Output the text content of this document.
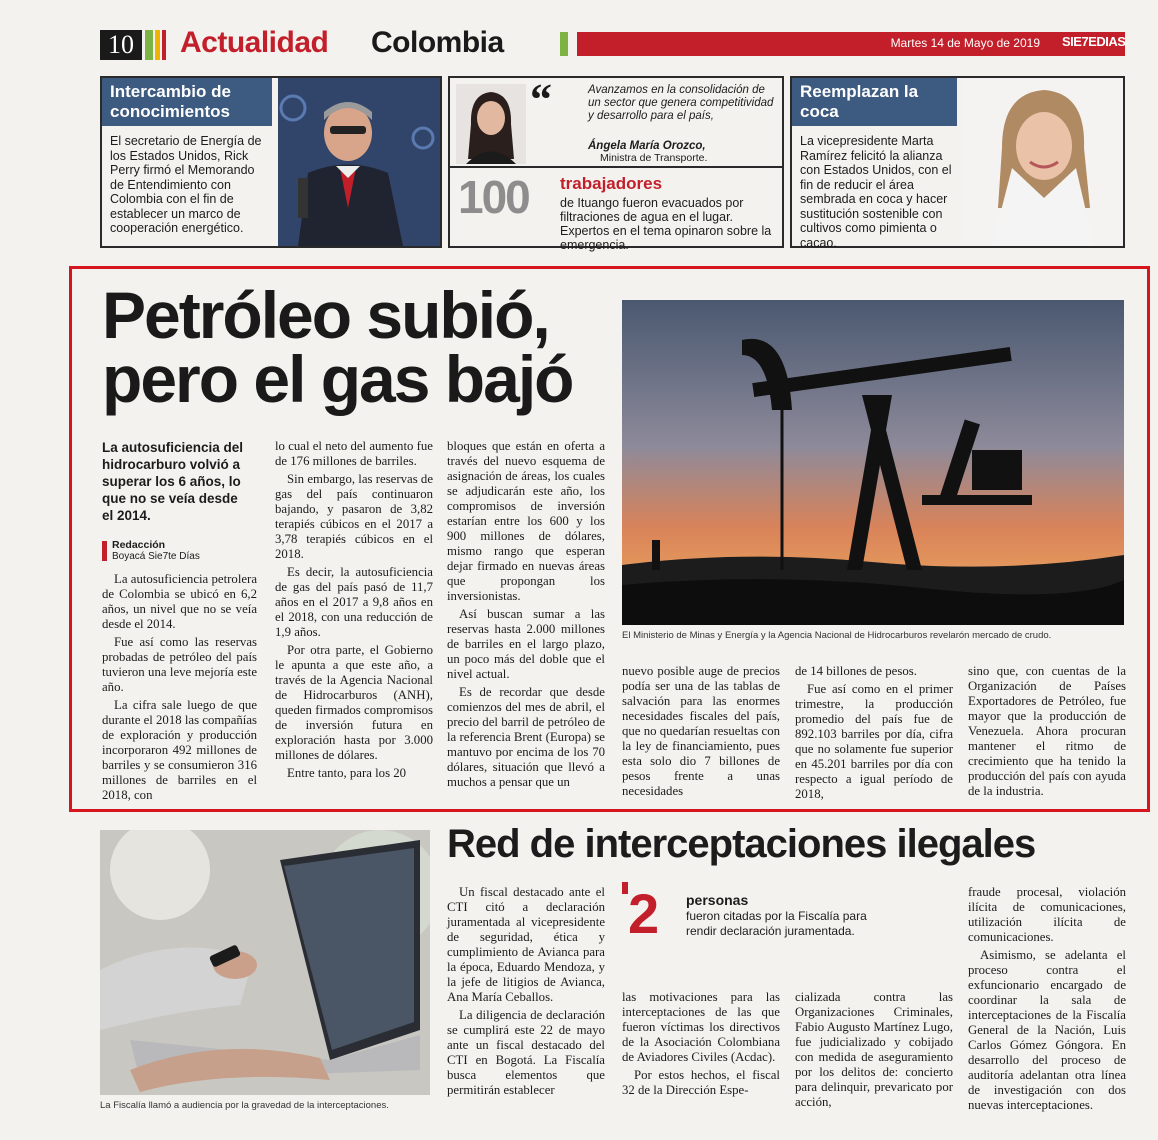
10 Actualidad Colombia	Martes 14 de Mayo de 2019 SIE7EDIAS
Intercambio de conocimientos
El secretario de Energía de los Estados Unidos, Rick Perry firmó el Memorando de Entendimiento con Colombia con el fin de establecer un marco de cooperación energético.
“	Avanzamos en la consolidación de un sector que genera competitividad y desarrollo para el país,
Ángela María Orozco,
Ministra de Transporte.
100 trabajadores
de Ituango fueron evacuados por filtraciones de agua en el lugar. Expertos en el tema opinaron sobre la emergencia.
Reemplazan la coca
La vicepresidente Marta Ramírez felicitó la alianza con Estados Unidos, con el fin de reducir el área sembrada en coca y hacer sustitución sostenible con cultivos como pimienta o cacao.
Petróleo subió,
pero el gas bajó
La autosuficiencia del hidrocarburo volvió a superar los 6 años, lo que no se veía desde el 2014.
Redacción
Boyacá Sie7te Días

La autosuficiencia petrolera de Colombia se ubicó en 6,2 años, un nivel que no se veía desde el 2014.

Fue así como las reservas probadas de petróleo del país tuvieron una leve mejoría este año.

La cifra sale luego de que durante el 2018 las compañías de exploración y producción incorporaron 492 millones de barriles y se consumieron 316 millones de barriles en el 2018, con

lo cual el neto del aumento fue de 176 millones de barriles.

Sin embargo, las reservas de gas del país continuaron bajando, y pasaron de 3,82 terapiés cúbicos en el 2017 a 3,78 terapiés cúbicos en el 2018.

Es decir, la autosuficiencia de gas del país pasó de 11,7 años en el 2017 a 9,8 años en el 2018, con una reducción de 1,9 años.

Por otra parte, el Gobierno le apunta a que este año, a través de la Agencia Nacional de Hidrocarburos (ANH), queden firmados compromisos de inversión futura en exploración hasta por 3.000 millones de dólares.

Entre tanto, para los 20

bloques que están en oferta a través del nuevo esquema de asignación de áreas, los cuales se adjudicarán este año, los compromisos de inversión estarían entre los 600 y los 900 millones de dólares, mismo rango que esperan dejar firmado en nuevas áreas que propongan los inversionistas.

Así buscan sumar a las reservas hasta 2.000 millones de barriles en el largo plazo, un poco más del doble que el nivel actual.

Es de recordar que desde comienzos del mes de abril, el precio del barril de petróleo de la referencia Brent (Europa) se mantuvo por encima de los 70 dólares, situación que llevó a muchos a pensar que un

El Ministerio de Minas y Energía y la Agencia Nacional de Hidrocarburos revelarón mercado de crudo.

nuevo posible auge de precios podía ser una de las tablas de salvación para las enormes necesidades fiscales del país, que no quedarían resueltas con la ley de financiamiento, pues esta solo dio 7 billones de pesos frente a unas necesidades

de 14 billones de pesos.

Fue así como en el primer trimestre, la producción promedio del país fue de 892.103 barriles por día, cifra que no solamente fue superior en 45.201 barriles por día con respecto a igual período de 2018,

sino que, con cuentas de la Organización de Países Exportadores de Petróleo, fue mayor que la producción de Venezuela. Ahora procuran mantener el ritmo de crecimiento que ha tenido la producción del país con ayuda de la industria.

Red de interceptaciones ilegales
La Fiscalía llamó a audiencia por la gravedad de la interceptaciones.

Un fiscal destacado ante el CTI citó a declaración juramentada al vicepresidente de seguridad, ética y cumplimiento de Avianca para la época, Eduardo Mendoza, y la jefe de litigios de Avianca, Ana María Ceballos.

La diligencia de declaración se cumplirá este 22 de mayo ante un fiscal destacado del CTI en Bogotá. La Fiscalía busca elementos que permitirán establecer

2 personas
fueron citadas por la Fiscalía para rendir declaración juramentada.

las motivaciones para las interceptaciones de las que fueron víctimas los directivos de la Asociación Colombiana de Aviadores Civiles (Acdac).

Por estos hechos, el fiscal 32 de la Dirección Espe-

cializada contra las Organizaciones Criminales, Fabio Augusto Martínez Lugo, fue judicializado y cobijado con medida de aseguramiento por los delitos de: concierto para delinquir, prevaricato por acción,

fraude procesal, violación ilícita de comunicaciones, utilización ilícita de comunicaciones.

Asimismo, se adelanta el proceso contra el exfuncionario encargado de coordinar la sala de interceptaciones de la Fiscalía General de la Nación, Luis Carlos Gómez Góngora. En desarrollo del proceso de auditoría adelantan otra línea de investigación con dos nuevas interceptaciones.
